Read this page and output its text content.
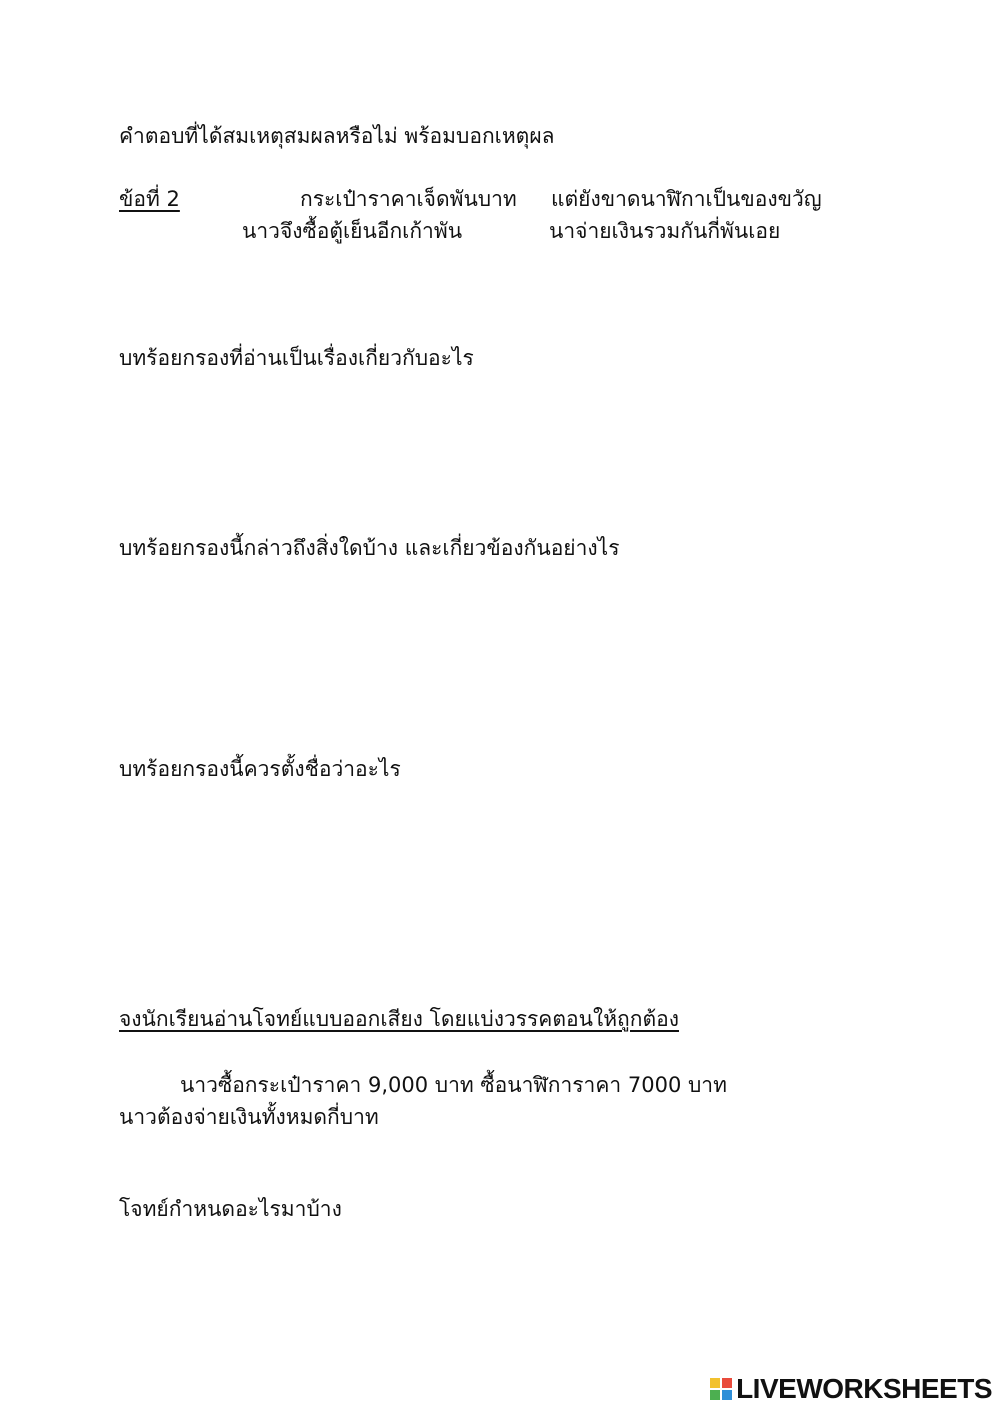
คำตอบที่ได้สมเหตุสมผลหรือไม่ พร้อมบอกเหตุผล
ข้อที่ 2	กระเป๋าราคาเจ็ดพันบาท แต่ยังขาดนาฬิกาเป็นของขวัญ
นาวจึงซื้อตู้เย็นอีกเก้าพัน	นาจ่ายเงินรวมกันกี่พันเอย
บทร้อยกรองที่อ่านเป็นเรื่องเกี่ยวกับอะไร
บทร้อยกรองนี้กล่าวถึงสิ่งใดบ้าง และเกี่ยวข้องกันอย่างไร
บทร้อยกรองนี้ควรตั้งชื่อว่าอะไร
จงนักเรียนอ่านโจทย์แบบออกเสียง โดยแบ่งวรรคตอนให้ถูกต้อง
นาวซื้อกระเป๋าราคา 9,000 บาท ซื้อนาฬิการาคา 7000 บาท
นาวต้องจ่ายเงินทั้งหมดกี่บาท
โจทย์กำหนดอะไรมาบ้าง
LIVEWORKSHEETS
